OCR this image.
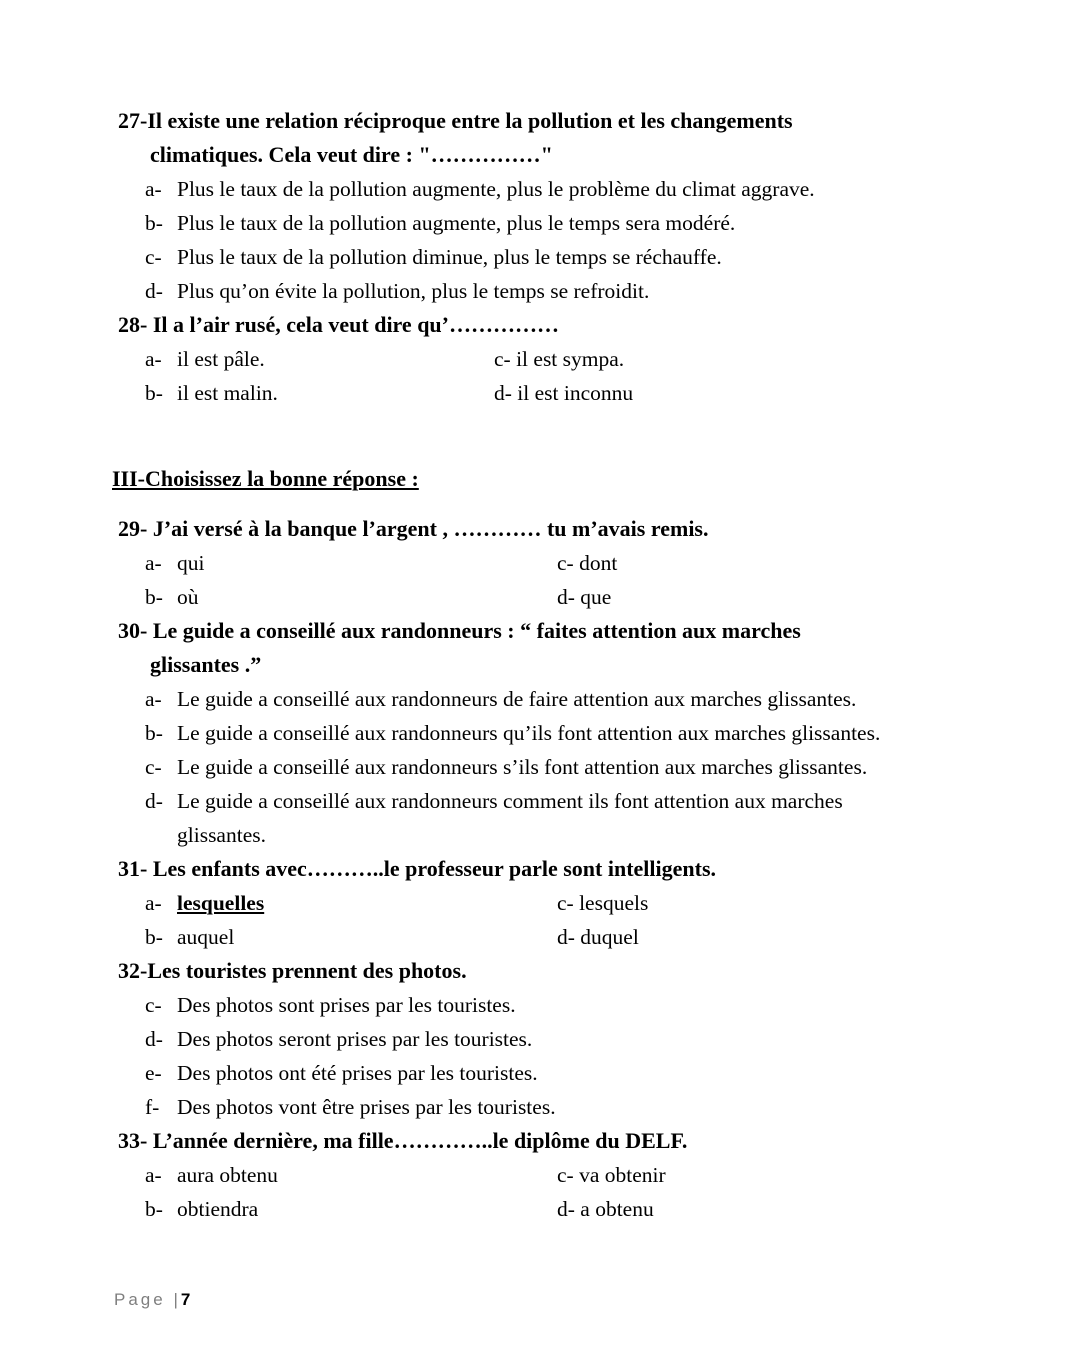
27-Il existe une relation réciproque entre la pollution et les changements
climatiques. Cela veut dire : "……………"
a- Plus le taux de la pollution augmente, plus le problème du climat aggrave.
b- Plus le taux de la pollution augmente, plus le temps sera modéré.
c- Plus le taux de la pollution diminue, plus le temps se réchauffe.
d- Plus qu’on évite la pollution, plus le temps se refroidit.
28- Il a l’air rusé, cela veut dire qu’……………
a- il est pâle.
b- il est malin.
c- il est sympa.
d- il est inconnu
III-Choisissez la bonne réponse :
29- J’ai versé à la banque l’argent , ………… tu m’avais remis.
a- qui
b- où
c- dont
d- que
30- Le guide a conseillé aux randonneurs : “ faites attention aux marches
glissantes .”
a- Le guide a conseillé aux randonneurs de faire attention aux marches glissantes.
b- Le guide a conseillé aux randonneurs qu’ils font attention aux marches glissantes.
c- Le guide a conseillé aux randonneurs s’ils font attention aux marches glissantes.
d- Le guide a conseillé aux randonneurs comment ils font attention aux marches
glissantes.
31- Les enfants avec………..le professeur parle sont intelligents.
a- lesquelles
b- auquel
c- lesquels
d- duquel
32-Les touristes prennent des photos.
c- Des photos sont prises par les touristes.
d- Des photos seront prises par les touristes.
e- Des photos ont été prises par les touristes.
f- Des photos vont être prises par les touristes.
33- L’année dernière, ma fille…………..le diplôme du DELF.
a- aura obtenu
b- obtiendra
c- va obtenir
d- a obtenu
Page |7
